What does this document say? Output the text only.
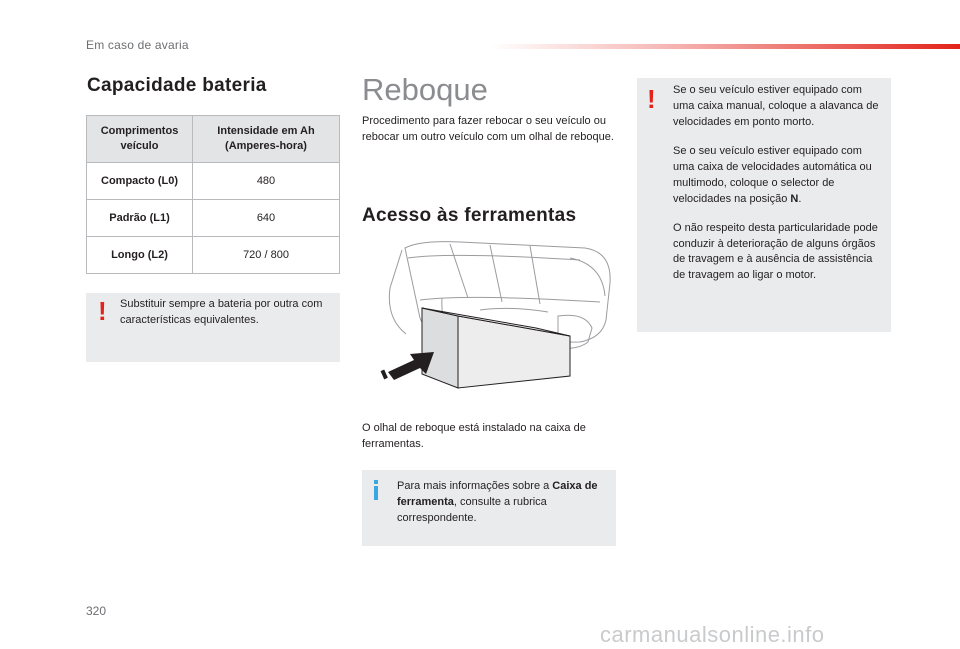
Em caso de avaria
Capacidade bateria
Comprimentos veículo	Intensidade em Ah (Amperes-hora)
Compacto (L0)	480
Padrão (L1)	640
Longo (L2)	720 / 800
! Substituir sempre a bateria por outra com características equivalentes.
Reboque
Procedimento para fazer rebocar o seu veículo ou rebocar um outro veículo com um olhal de reboque.
Acesso às ferramentas
O olhal de reboque está instalado na caixa de ferramentas.
Para mais informações sobre a Caixa de ferramenta, consulte a rubrica correspondente.
! Se o seu veículo estiver equipado com uma caixa manual, coloque a alavanca de velocidades em ponto morto.

Se o seu veículo estiver equipado com uma caixa de velocidades automática ou multimodo, coloque o selector de velocidades na posição N.

O não respeito desta particularidade pode conduzir à deterioração de alguns órgãos de travagem e à ausência de assistência de travagem ao ligar o motor.

320
carmanualsonline.info
